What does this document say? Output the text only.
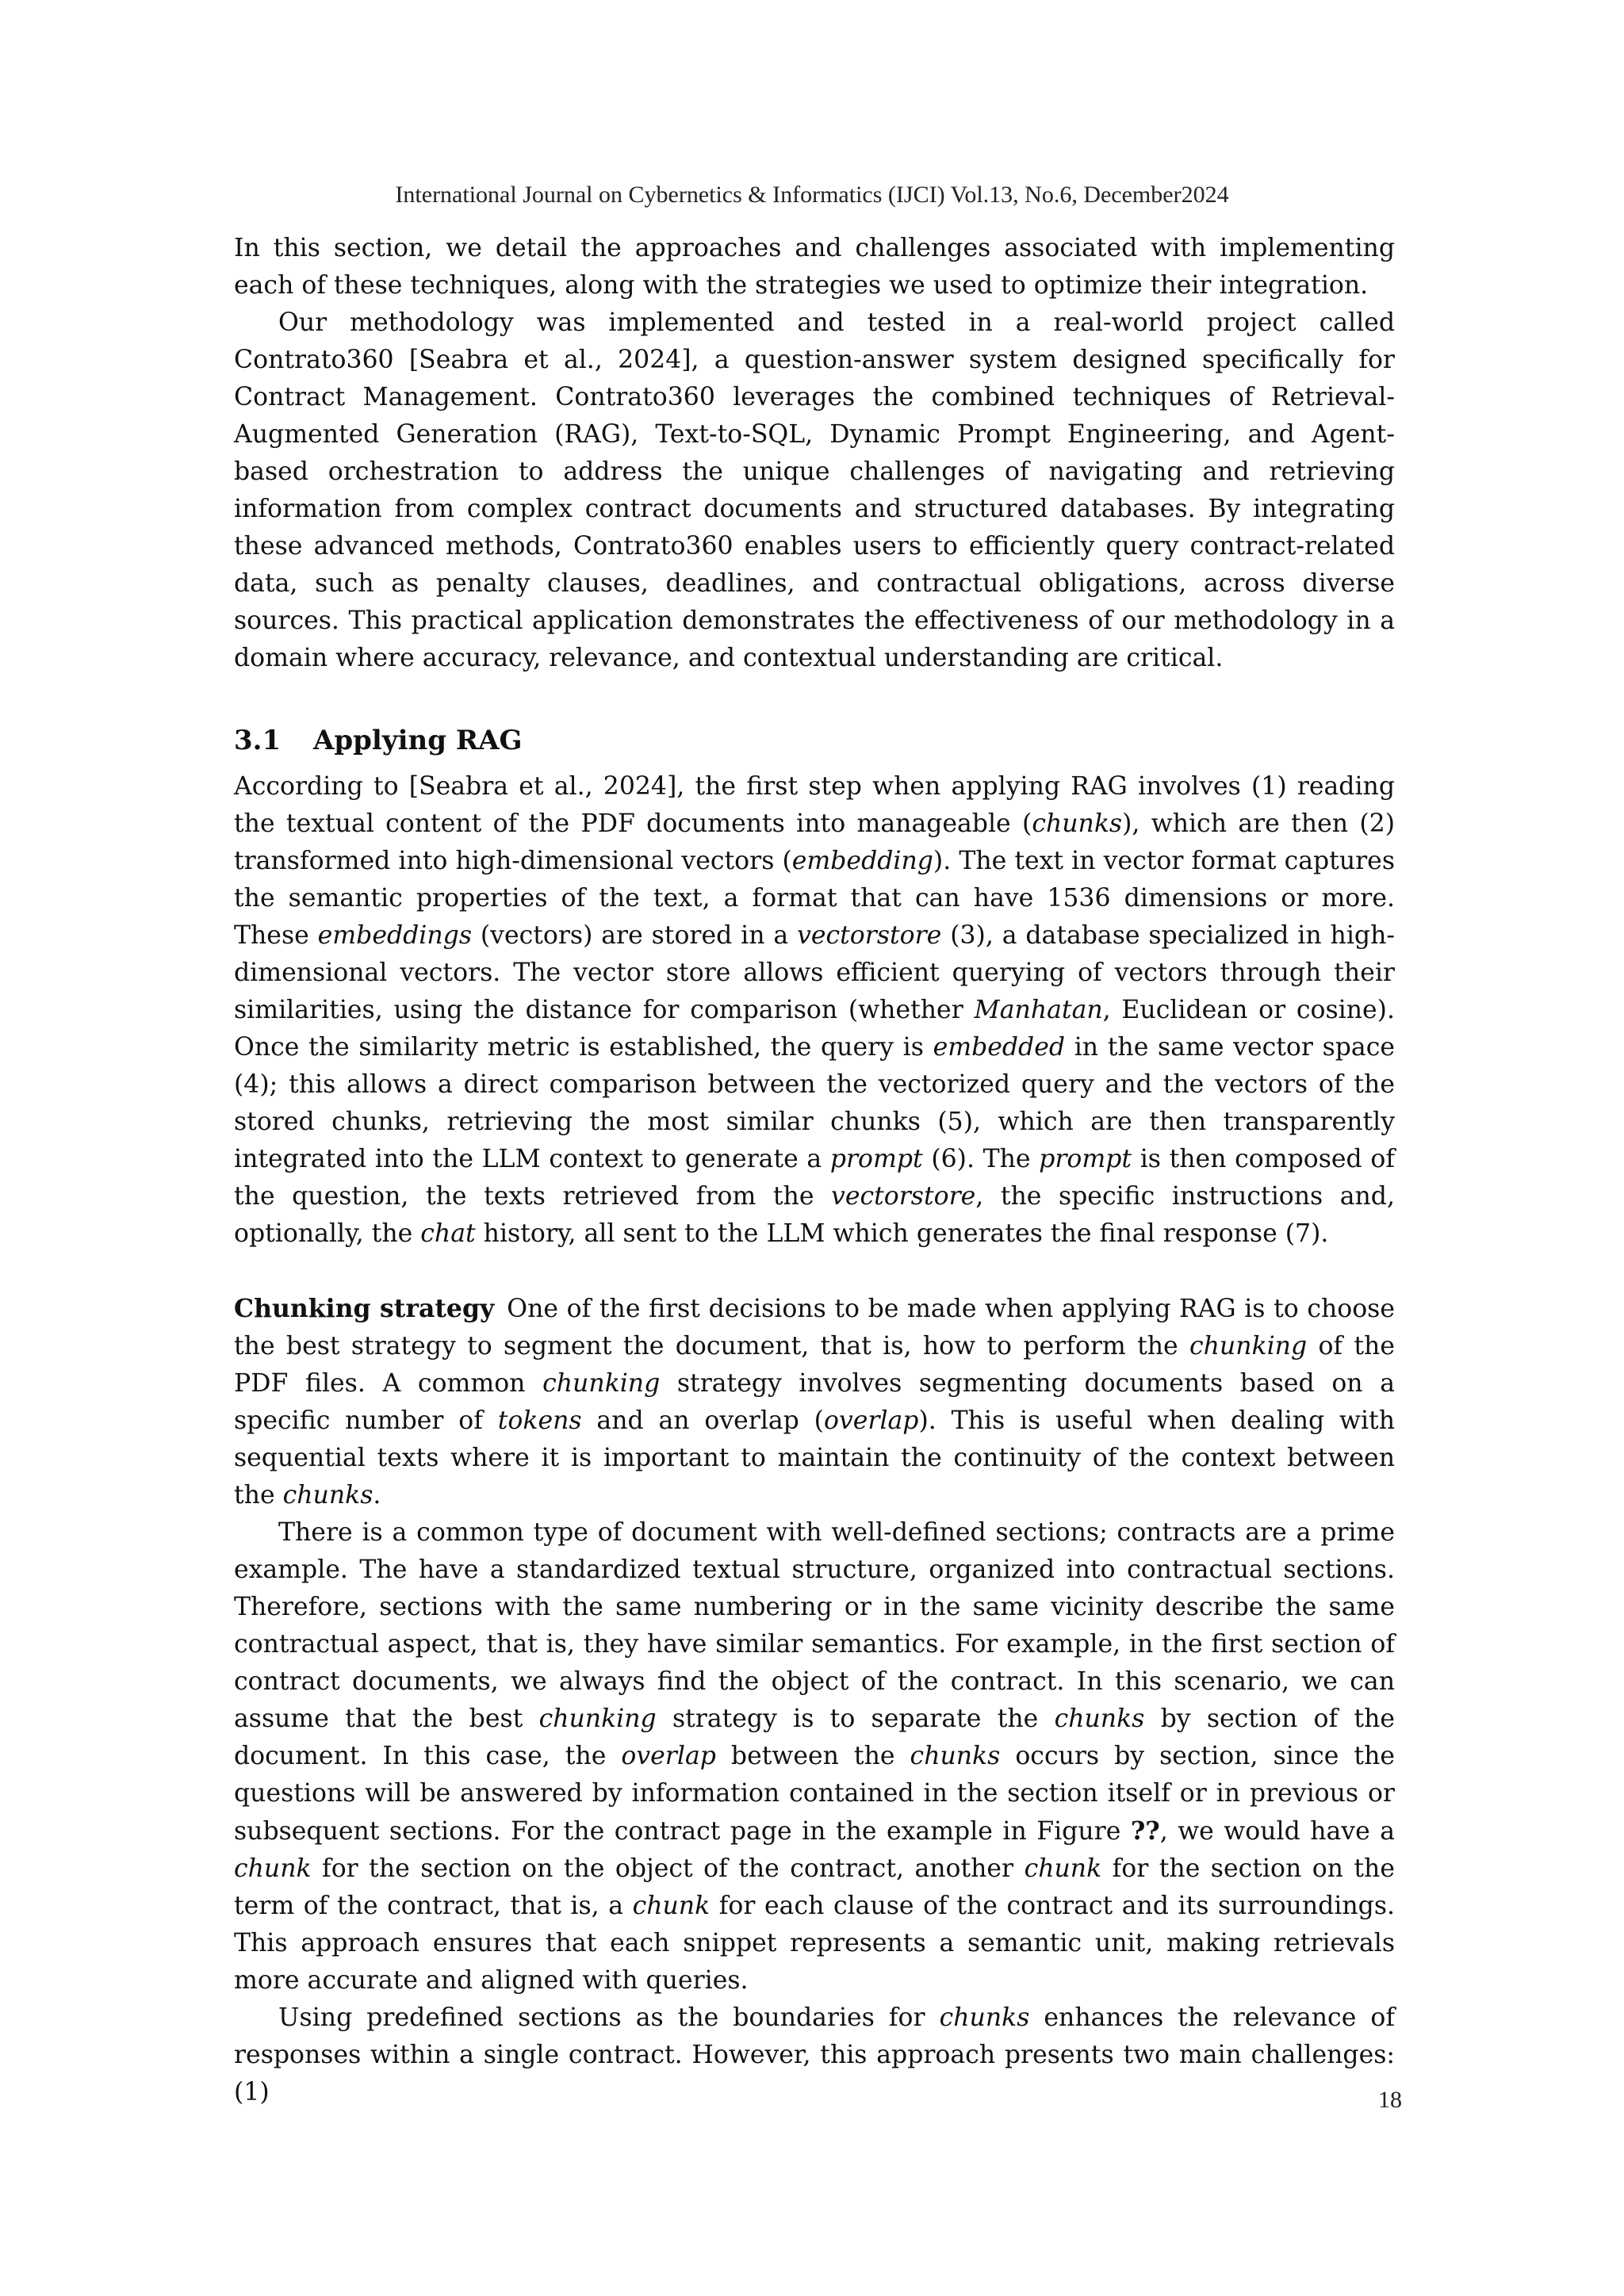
International Journal on Cybernetics & Informatics (IJCI) Vol.13, No.6, December2024

In this section, we detail the approaches and challenges associated with implementing each of these techniques, along with the strategies we used to optimize their integration.

Our methodology was implemented and tested in a real-world project called Contrato360 [Seabra et al., 2024], a question-answer system designed specifically for Contract Management. Contrato360 leverages the combined techniques of Retrieval-Augmented Generation (RAG), Text-to-SQL, Dynamic Prompt Engineering, and Agent-based orchestration to address the unique challenges of navigating and retrieving information from complex contract documents and structured databases. By integrating these advanced methods, Contrato360 enables users to efficiently query contract-related data, such as penalty clauses, deadlines, and contractual obligations, across diverse sources. This practical application demonstrates the effectiveness of our methodology in a domain where accuracy, relevance, and contextual understanding are critical.

3.1 Applying RAG

According to [Seabra et al., 2024], the first step when applying RAG involves (1) reading the textual content of the PDF documents into manageable (chunks), which are then (2) transformed into high-dimensional vectors (embedding). The text in vector format captures the semantic properties of the text, a format that can have 1536 dimensions or more. These embeddings (vectors) are stored in a vectorstore (3), a database specialized in high-dimensional vectors. The vector store allows efficient querying of vectors through their similarities, using the distance for comparison (whether Manhatan, Euclidean or cosine). Once the similarity metric is established, the query is embedded in the same vector space (4); this allows a direct comparison between the vectorized query and the vectors of the stored chunks, retrieving the most similar chunks (5), which are then transparently integrated into the LLM context to generate a prompt (6). The prompt is then composed of the question, the texts retrieved from the vectorstore, the specific instructions and, optionally, the chat history, all sent to the LLM which generates the final response (7).

Chunking strategy One of the first decisions to be made when applying RAG is to choose the best strategy to segment the document, that is, how to perform the chunking of the PDF files. A common chunking strategy involves segmenting documents based on a specific number of tokens and an overlap (overlap). This is useful when dealing with sequential texts where it is important to maintain the continuity of the context between the chunks.

There is a common type of document with well-defined sections; contracts are a prime example. The have a standardized textual structure, organized into contractual sections. Therefore, sections with the same numbering or in the same vicinity describe the same contractual aspect, that is, they have similar semantics. For example, in the first section of contract documents, we always find the object of the contract. In this scenario, we can assume that the best chunking strategy is to separate the chunks by section of the document. In this case, the overlap between the chunks occurs by section, since the questions will be answered by information contained in the section itself or in previous or subsequent sections. For the contract page in the example in Figure ??, we would have a chunk for the section on the object of the contract, another chunk for the section on the term of the contract, that is, a chunk for each clause of the contract and its surroundings. This approach ensures that each snippet represents a semantic unit, making retrievals more accurate and aligned with queries.

Using predefined sections as the boundaries for chunks enhances the relevance of responses within a single contract. However, this approach presents two main challenges: (1)	18
